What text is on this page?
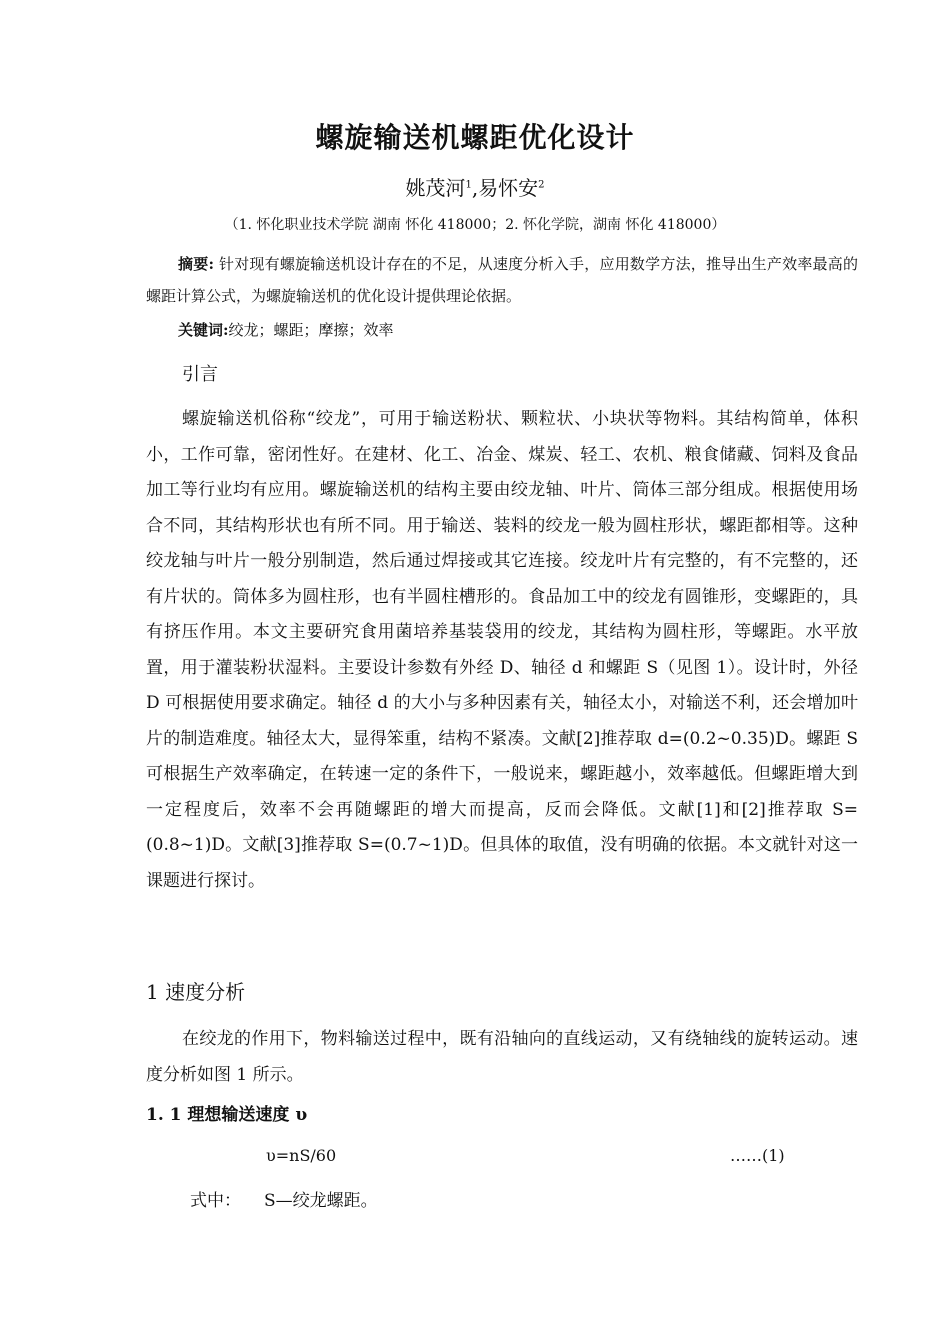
螺旋输送机螺距优化设计
姚茂河$^1$,易怀安$^2$
（1. 怀化职业技术学院 湖南 怀化 418000；2. 怀化学院，湖南 怀化 418000）
摘要: 针对现有螺旋输送机设计存在的不足，从速度分析入手，应用数学方法，推导出生产效率最高的螺距计算公式，为螺旋输送机的优化设计提供理论依据。
关键词:绞龙；螺距；摩擦；效率
引言
螺旋输送机俗称“绞龙”，可用于输送粉状、颗粒状、小块状等物料。其结构简单，体积小，工作可靠，密闭性好。在建材、化工、冶金、煤炭、轻工、农机、粮食储藏、饲料及食品加工等行业均有应用。螺旋输送机的结构主要由绞龙轴、叶片、筒体三部分组成。根据使用场合不同，其结构形状也有所不同。用于输送、装料的绞龙一般为圆柱形状，螺距都相等。这种绞龙轴与叶片一般分别制造，然后通过焊接或其它连接。绞龙叶片有完整的，有不完整的，还有片状的。筒体多为圆柱形，也有半圆柱槽形的。食品加工中的绞龙有圆锥形，变螺距的，具有挤压作用。本文主要研究食用菌培养基装袋用的绞龙，其结构为圆柱形，等螺距。水平放置，用于灌装粉状湿料。主要设计参数有外经 D、轴径 d 和螺距 S（见图 1）。设计时，外径 D 可根据使用要求确定。轴径 d 的大小与多种因素有关，轴径太小，对输送不利，还会增加叶片的制造难度。轴径太大，显得笨重，结构不紧凑。文献[2]推荐取 d=(0.2~0.35)D。螺距 S 可根据生产效率确定，在转速一定的条件下，一般说来，螺距越小，效率越低。但螺距增大到一定程度后，效率不会再随螺距的增大而提高，反而会降低。文献[1]和[2]推荐取 S=(0.8~1)D。文献[3]推荐取 S=(0.7~1)D。但具体的取值，没有明确的依据。本文就针对这一课题进行探讨。
1 速度分析
在绞龙的作用下，物料输送过程中，既有沿轴向的直线运动，又有绕轴线的旋转运动。速度分析如图 1 所示。
1. 1 理想输送速度 υ
υ=nS/60	……(1)
式中： S—绞龙螺距。
